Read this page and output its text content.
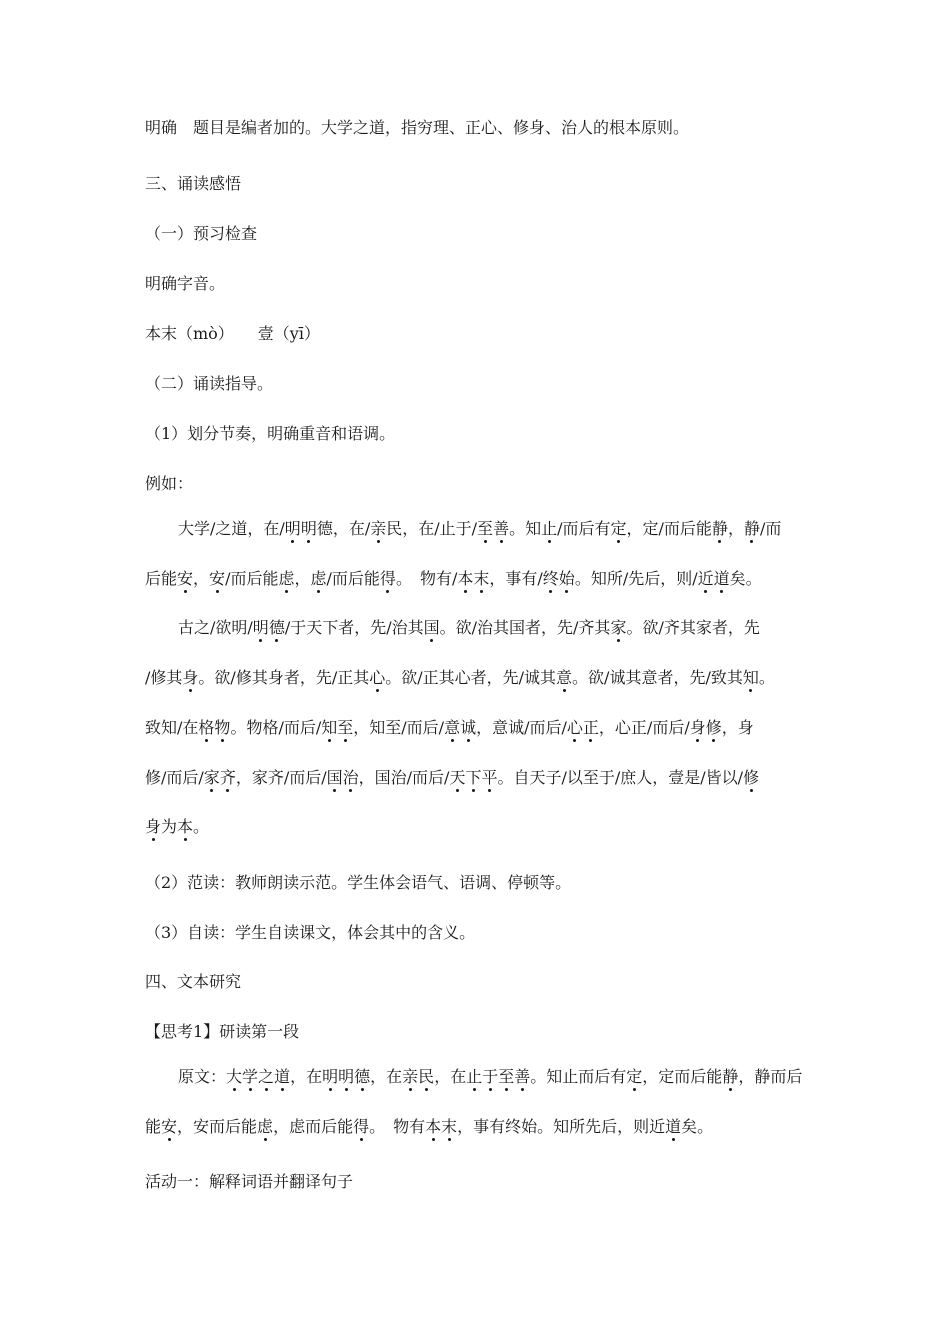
明确　题目是编者加的。大学之道，指穷理、正心、修身、治人的根本原则。
三、诵读感悟
（一）预习检查
明确字音。
本末（mò）　　壹（yī）
（二）诵读指导。
（1）划分节奏，明确重音和语调。
例如：
大学/之道，在/明明德，在/亲民，在/止于/至善。知止/而后有定，定/而后能静，静/而
后能安，安/而后能虑，虑/而后能得。　物有/本末，事有/终始。知所/先后，则/近道矣。
古之/欲明/明德/于天下者，先/治其国。欲/治其国者，先/齐其家。欲/齐其家者，先
/修其身。欲/修其身者，先/正其心。欲/正其心者，先/诚其意。欲/诚其意者，先/致其知。
致知/在格物。物格/而后/知至，知至/而后/意诚，意诚/而后/心正，心正/而后/身修，身
修/而后/家齐，家齐/而后/国治，国治/而后/天下平。自天子/以至于/庶人，壹是/皆以/修
身为本。
（2）范读：教师朗读示范。学生体会语气、语调、停顿等。
（3）自读：学生自读课文，体会其中的含义。
四、文本研究
【思考1】研读第一段
原文：大学之道，在明明德，在亲民，在止于至善。知止而后有定，定而后能静，静而后
能安，安而后能虑，虑而后能得。　物有本末，事有终始。知所先后，则近道矣。
活动一：解释词语并翻译句子
